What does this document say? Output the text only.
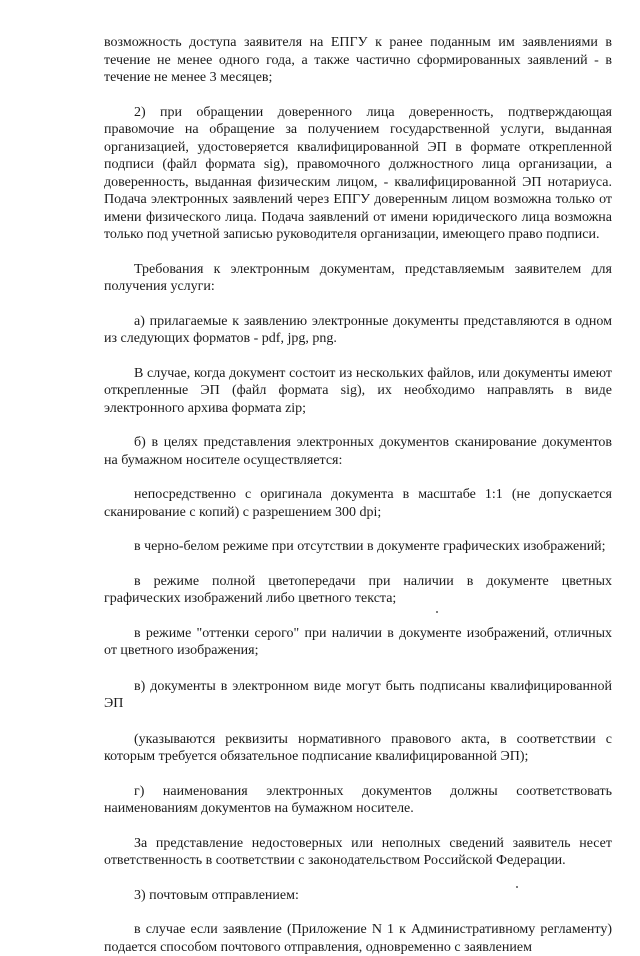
возможность доступа заявителя на ЕПГУ к ранее поданным им заявлениями в течение не менее одного года, а также частично сформированных заявлений - в течение не менее 3 месяцев;

2) при обращении доверенного лица доверенность, подтверждающая правомочие на обращение за получением государственной услуги, выданная организацией, удостоверяется квалифицированной ЭП в формате открепленной подписи (файл формата sig), правомочного должностного лица организации, а доверенность, выданная физическим лицом, - квалифицированной ЭП нотариуса. Подача электронных заявлений через ЕПГУ доверенным лицом возможна только от имени физического лица. Подача заявлений от имени юридического лица возможна только под учетной записью руководителя организации, имеющего право подписи.

Требования к электронным документам, представляемым заявителем для получения услуги:

а) прилагаемые к заявлению электронные документы представляются в одном из следующих форматов - pdf, jpg, png.

В случае, когда документ состоит из нескольких файлов, или документы имеют открепленные ЭП (файл формата sig), их необходимо направлять в виде электронного архива формата zip;

б) в целях представления электронных документов сканирование документов на бумажном носителе осуществляется:

непосредственно с оригинала документа в масштабе 1:1 (не допускается сканирование с копий) с разрешением 300 dpi;

в черно-белом режиме при отсутствии в документе графических изображений;

в режиме полной цветопередачи при наличии в документе цветных графических изображений либо цветного текста;

в режиме "оттенки серого" при наличии в документе изображений, отличных от цветного изображения;

в) документы в электронном виде могут быть подписаны квалифицированной ЭП

(указываются реквизиты нормативного правового акта, в соответствии с которым требуется обязательное подписание квалифицированной ЭП);

г) наименования электронных документов должны соответствовать наименованиям документов на бумажном носителе.

За представление недостоверных или неполных сведений заявитель несет ответственность в соответствии с законодательством Российской Федерации.

3) почтовым отправлением:

в случае если заявление (Приложение N 1 к Административному регламенту) подается способом почтового отправления, одновременно с заявлением
